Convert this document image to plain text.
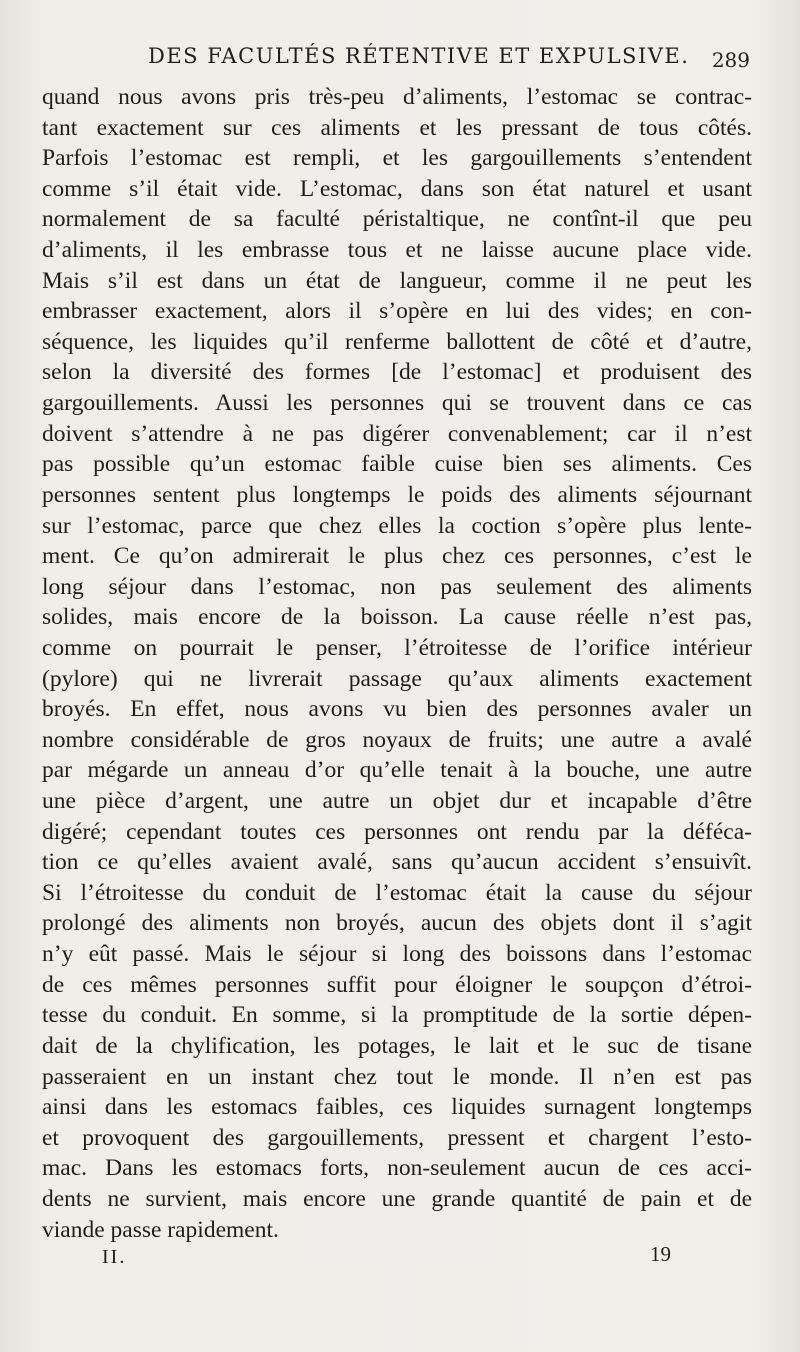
DES FACULTÉS RÉTENTIVE ET EXPULSIVE. 289
quand nous avons pris très-peu d’aliments, l’estomac se contrac-
tant exactement sur ces aliments et les pressant de tous côtés.
Parfois l’estomac est rempli, et les gargouillements s’entendent
comme s’il était vide. L’estomac, dans son état naturel et usant
normalement de sa faculté péristaltique, ne contînt-il que peu
d’aliments, il les embrasse tous et ne laisse aucune place vide.
Mais s’il est dans un état de langueur, comme il ne peut les
embrasser exactement, alors il s’opère en lui des vides; en con-
séquence, les liquides qu’il renferme ballottent de côté et d’autre,
selon la diversité des formes [de l’estomac] et produisent des
gargouillements. Aussi les personnes qui se trouvent dans ce cas
doivent s’attendre à ne pas digérer convenablement; car il n’est
pas possible qu’un estomac faible cuise bien ses aliments. Ces
personnes sentent plus longtemps le poids des aliments séjournant
sur l’estomac, parce que chez elles la coction s’opère plus lente-
ment. Ce qu’on admirerait le plus chez ces personnes, c’est le
long séjour dans l’estomac, non pas seulement des aliments
solides, mais encore de la boisson. La cause réelle n’est pas,
comme on pourrait le penser, l’étroitesse de l’orifice intérieur
(pylore) qui ne livrerait passage qu’aux aliments exactement
broyés. En effet, nous avons vu bien des personnes avaler un
nombre considérable de gros noyaux de fruits; une autre a avalé
par mégarde un anneau d’or qu’elle tenait à la bouche, une autre
une pièce d’argent, une autre un objet dur et incapable d’être
digéré; cependant toutes ces personnes ont rendu par la déféca-
tion ce qu’elles avaient avalé, sans qu’aucun accident s’ensuivît.
Si l’étroitesse du conduit de l’estomac était la cause du séjour
prolongé des aliments non broyés, aucun des objets dont il s’agit
n’y eût passé. Mais le séjour si long des boissons dans l’estomac
de ces mêmes personnes suffit pour éloigner le soupçon d’étroi-
tesse du conduit. En somme, si la promptitude de la sortie dépen-
dait de la chylification, les potages, le lait et le suc de tisane
passeraient en un instant chez tout le monde. Il n’en est pas
ainsi dans les estomacs faibles, ces liquides surnagent longtemps
et provoquent des gargouillements, pressent et chargent l’esto-
mac. Dans les estomacs forts, non-seulement aucun de ces acci-
dents ne survient, mais encore une grande quantité de pain et de
viande passe rapidement.
II.	19
